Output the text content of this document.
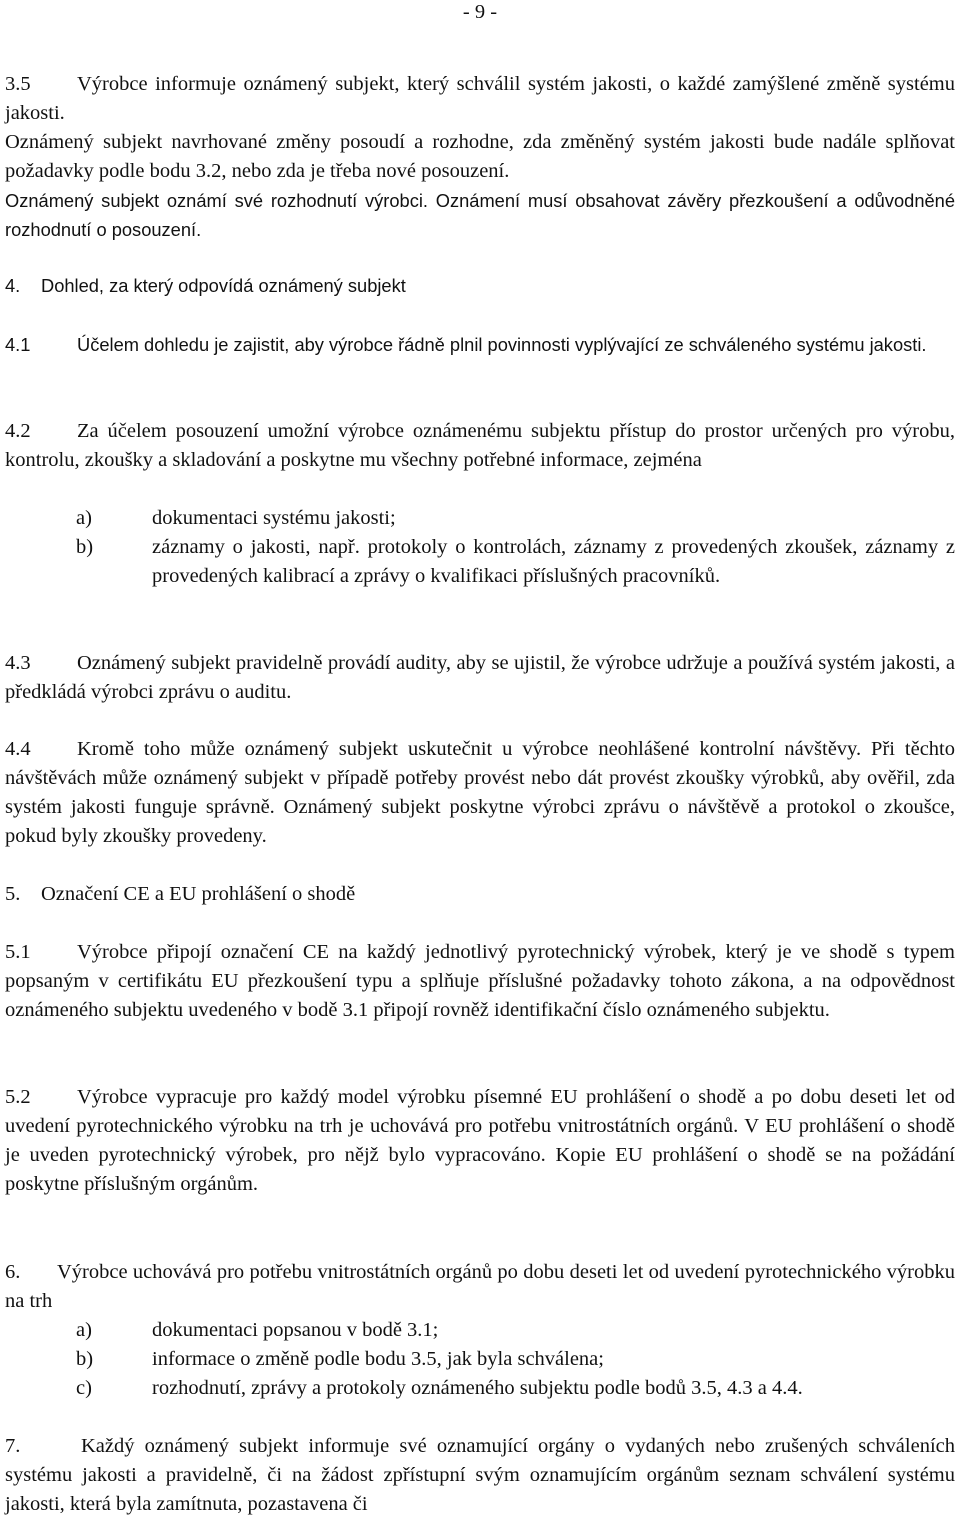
- 9 -
3.5 Výrobce informuje oznámený subjekt, který schválil systém jakosti, o každé zamýšlené změně systému jakosti.
Oznámený subjekt navrhované změny posoudí a rozhodne, zda změněný systém jakosti bude nadále splňovat požadavky podle bodu 3.2, nebo zda je třeba nové posouzení.
Oznámený subjekt oznámí své rozhodnutí výrobci. Oznámení musí obsahovat závěry přezkoušení a odůvodněné rozhodnutí o posouzení.
4. Dohled, za který odpovídá oznámený subjekt
4.1	Účelem dohledu je zajistit, aby výrobce řádně plnil povinnosti vyplývající ze schváleného systému jakosti.
4.2 Za účelem posouzení umožní výrobce oznámenému subjektu přístup do prostor určených pro výrobu, kontrolu, zkoušky a skladování a poskytne mu všechny potřebné informace, zejména
a)	dokumentaci systému jakosti;
b)	záznamy o jakosti, např. protokoly o kontrolách, záznamy z provedených zkoušek, záznamy z provedených kalibrací a zprávy o kvalifikaci příslušných pracovníků.
4.3 Oznámený subjekt pravidelně provádí audity, aby se ujistil, že výrobce udržuje a používá systém jakosti, a předkládá výrobci zprávu o auditu.
4.4 Kromě toho může oznámený subjekt uskutečnit u výrobce neohlášené kontrolní návštěvy. Při těchto návštěvách může oznámený subjekt v případě potřeby provést nebo dát provést zkoušky výrobků, aby ověřil, zda systém jakosti funguje správně. Oznámený subjekt poskytne výrobci zprávu o návštěvě a protokol o zkoušce, pokud byly zkoušky provedeny.
5. Označení CE a EU prohlášení o shodě
5.1 Výrobce připojí označení CE na každý jednotlivý pyrotechnický výrobek, který je ve shodě s typem popsaným v certifikátu EU přezkoušení typu a splňuje příslušné požadavky tohoto zákona, a na odpovědnost oznámeného subjektu uvedeného v bodě 3.1 připojí rovněž identifikační číslo oznámeného subjektu.
5.2 Výrobce vypracuje pro každý model výrobku písemné EU prohlášení o shodě a po dobu deseti let od uvedení pyrotechnického výrobku na trh je uchovává pro potřebu vnitrostátních orgánů. V EU prohlášení o shodě je uveden pyrotechnický výrobek, pro nějž bylo vypracováno. Kopie EU prohlášení o shodě se na požádání poskytne příslušným orgánům.
6. Výrobce uchovává pro potřebu vnitrostátních orgánů po dobu deseti let od uvedení pyrotechnického výrobku na trh
a)	dokumentaci popsanou v bodě 3.1;
b)	informace o změně podle bodu 3.5, jak byla schválena;
c)	rozhodnutí, zprávy a protokoly oznámeného subjektu podle bodů 3.5, 4.3 a 4.4.
7.	Každý oznámený subjekt informuje své oznamující orgány o vydaných nebo zrušených schváleních systému jakosti a pravidelně, či na žádost zpřístupní svým oznamujícím orgánům seznam schválení systému jakosti, která byla zamítnuta, pozastavena či
